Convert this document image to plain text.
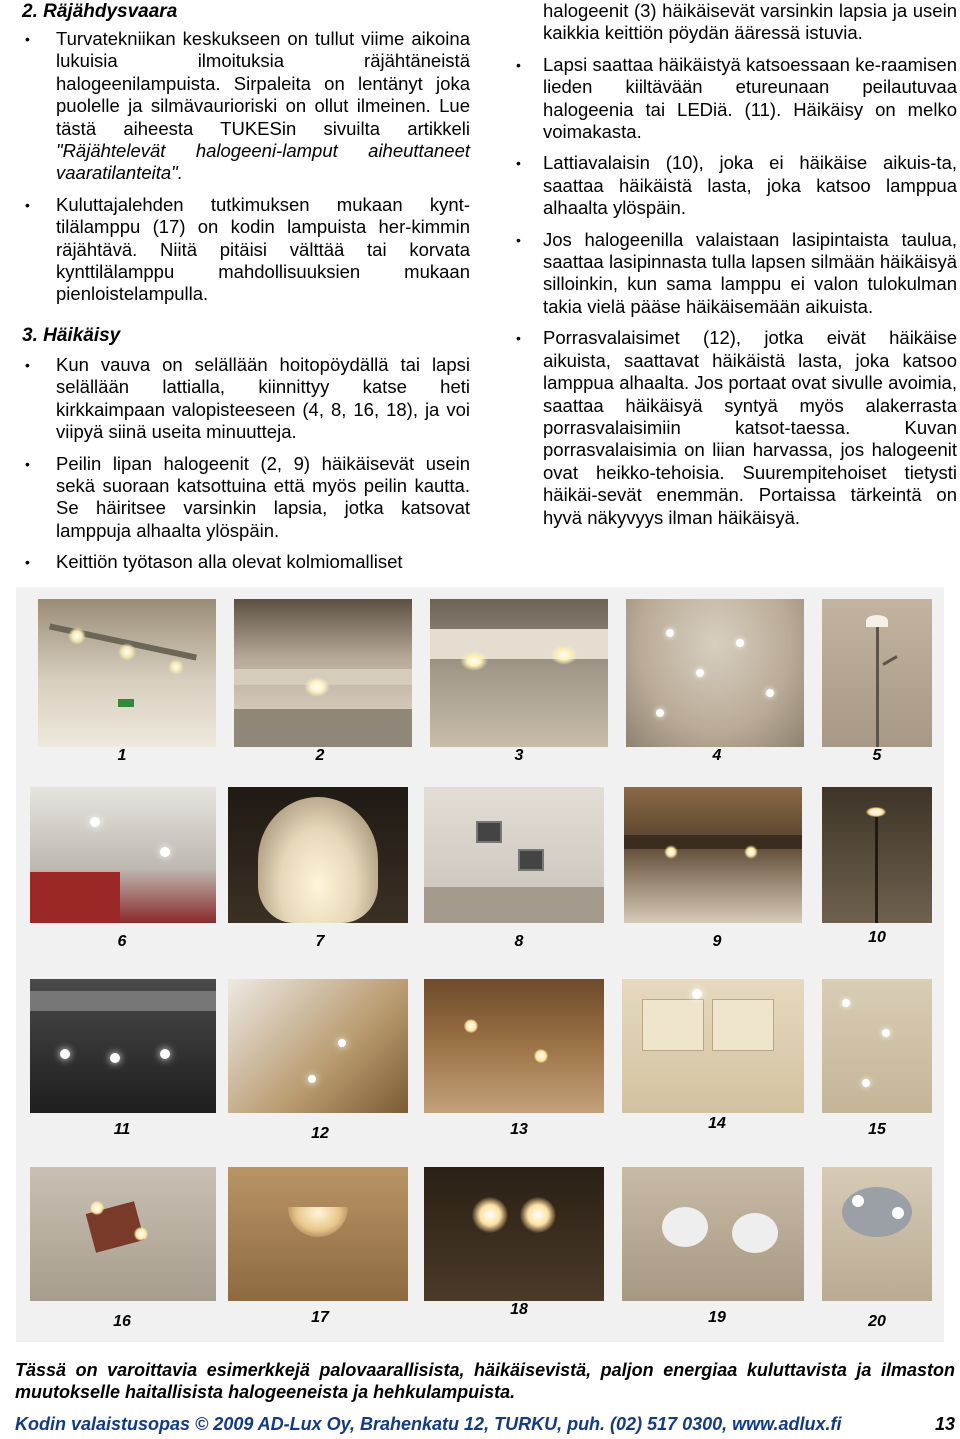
2. Räjähdysvaara
• Turvatekniikan keskukseen on tullut viime aikoina lukuisia ilmoituksia räjähtäneistä halogeenilampuista. Sirpaleita on lentänyt joka puolelle ja silmävaurioriski on ollut ilmeinen. Lue tästä aiheesta TUKESin sivuilta artikkeli "Räjähtelevät halogeeni-lamput aiheuttaneet vaaratilanteita".
• Kuluttajalehden tutkimuksen mukaan kynt-tilälamppu (17) on kodin lampuista her-kimmin räjähtävä. Niitä pitäisi välttää tai korvata kynttilälamppu mahdollisuuksien mukaan pienloistelampulla.
3. Häikäisy
• Kun vauva on selällään hoitopöydällä tai lapsi selällään lattialla, kiinnittyy katse heti kirkkaimpaan valopisteeseen (4, 8, 16, 18), ja voi viipyä siinä useita minuutteja.
• Peilin lipan halogeenit (2, 9) häikäisevät usein sekä suoraan katsottuina että myös peilin kautta. Se häiritsee varsinkin lapsia, jotka katsovat lamppuja alhaalta ylöspäin.
• Keittiön työtason alla olevat kolmiomalliset
halogeenit (3) häikäisevät varsinkin lapsia ja usein kaikkia keittiön pöydän ääressä istuvia.
• Lapsi saattaa häikäistyä katsoessaan ke-raamisen lieden kiiltävään etureunaan peilautuvaa halogeenia tai LEDiä. (11). Häikäisy on melko voimakasta.
• Lattiavalaisin (10), joka ei häikäise aikuis-ta, saattaa häikäistä lasta, joka katsoo lamppua alhaalta ylöspäin.
• Jos halogeenilla valaistaan lasipintaista taulua, saattaa lasipinnasta tulla lapsen silmään häikäisyä silloinkin, kun sama lamppu ei valon tulokulman takia vielä pääse häikäisemään aikuista.
• Porrasvalaisimet (12), jotka eivät häikäise aikuista, saattavat häikäistä lasta, joka katsoo lamppua alhaalta. Jos portaat ovat sivulle avoimia, saattaa häikäisyä syntyä myös alakerrasta porrasvalaisimiin katsot-taessa. Kuvan porrasvalaisimia on liian harvassa, jos halogeenit ovat heikko-tehoisia. Suurempitehoiset tietysti häikäi-sevät enemmän. Portaissa tärkeintä on hyvä näkyvyys ilman häikäisyä.
1	2	3	4	5
6	7	8	9	10
11	12	13	14	15
16	17	18	19	20
Tässä on varoittavia esimerkkejä palovaarallisista, häikäisevistä, paljon energiaa kuluttavista ja ilmaston muutokselle haitallisista halogeeneista ja hehkulampuista.
Kodin valaistusopas © 2009 AD-Lux Oy, Brahenkatu 12, TURKU, puh. (02) 517 0300, www.adlux.fi	13
